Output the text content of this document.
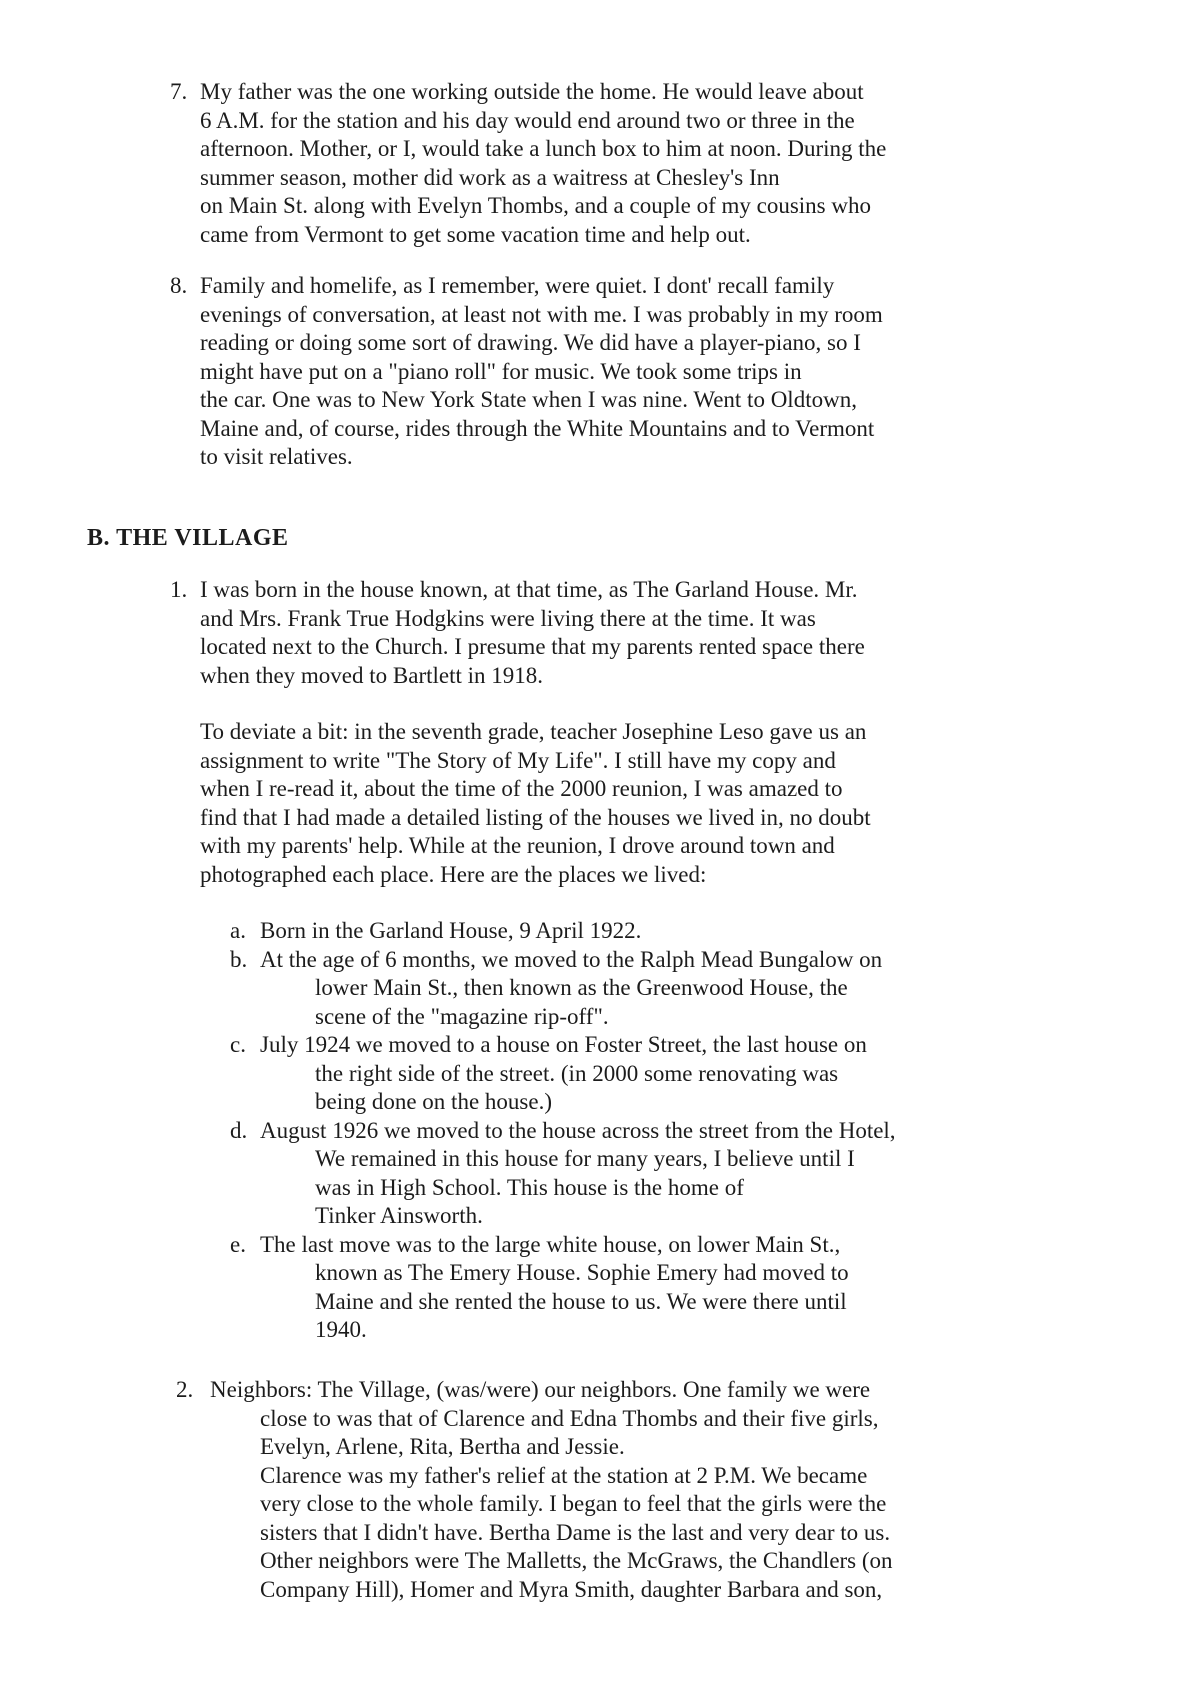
7. My father was the one working outside the home. He would leave about
6 A.M. for the station and his day would end around two or three in the
afternoon. Mother, or I, would take a lunch box to him at noon. During the
summer season, mother did work as a waitress at Chesley's Inn
on Main St. along with Evelyn Thombs, and a couple of my cousins who
came from Vermont to get some vacation time and help out.
8. Family and homelife, as I remember, were quiet. I dont' recall family
evenings of conversation, at least not with me. I was probably in my room
reading or doing some sort of drawing. We did have a player-piano, so I
might have put on a "piano roll" for music. We took some trips in
the car. One was to New York State when I was nine. Went to Oldtown,
Maine and, of course, rides through the White Mountains and to Vermont
to visit relatives.
B. THE VILLAGE
1. I was born in the house known, at that time, as The Garland House. Mr.
and Mrs. Frank True Hodgkins were living there at the time. It was
located next to the Church. I presume that my parents rented space there
when they moved to Bartlett in 1918.
To deviate a bit: in the seventh grade, teacher Josephine Leso gave us an
assignment to write "The Story of My Life". I still have my copy and
when I re-read it, about the time of the 2000 reunion, I was amazed to
find that I had made a detailed listing of the houses we lived in, no doubt
with my parents' help. While at the reunion, I drove around town and
photographed each place. Here are the places we lived:
a. Born in the Garland House, 9 April 1922.
b. At the age of 6 months, we moved to the Ralph Mead Bungalow on
lower Main St., then known as the Greenwood House, the
scene of the "magazine rip-off".
c. July 1924 we moved to a house on Foster Street, the last house on
the right side of the street. (in 2000 some renovating was
being done on the house.)
d. August 1926 we moved to the house across the street from the Hotel,
We remained in this house for many years, I believe until I
was in High School. This house is the home of
Tinker Ainsworth.
e. The last move was to the large white house, on lower Main St.,
known as The Emery House. Sophie Emery had moved to
Maine and she rented the house to us. We were there until
1940.
2. Neighbors: The Village, (was/were) our neighbors. One family we were
close to was that of Clarence and Edna Thombs and their five girls,
Evelyn, Arlene, Rita, Bertha and Jessie.
Clarence was my father's relief at the station at 2 P.M. We became
very close to the whole family. I began to feel that the girls were the
sisters that I didn't have. Bertha Dame is the last and very dear to us.
Other neighbors were The Malletts, the McGraws, the Chandlers (on
Company Hill), Homer and Myra Smith, daughter Barbara and son,
